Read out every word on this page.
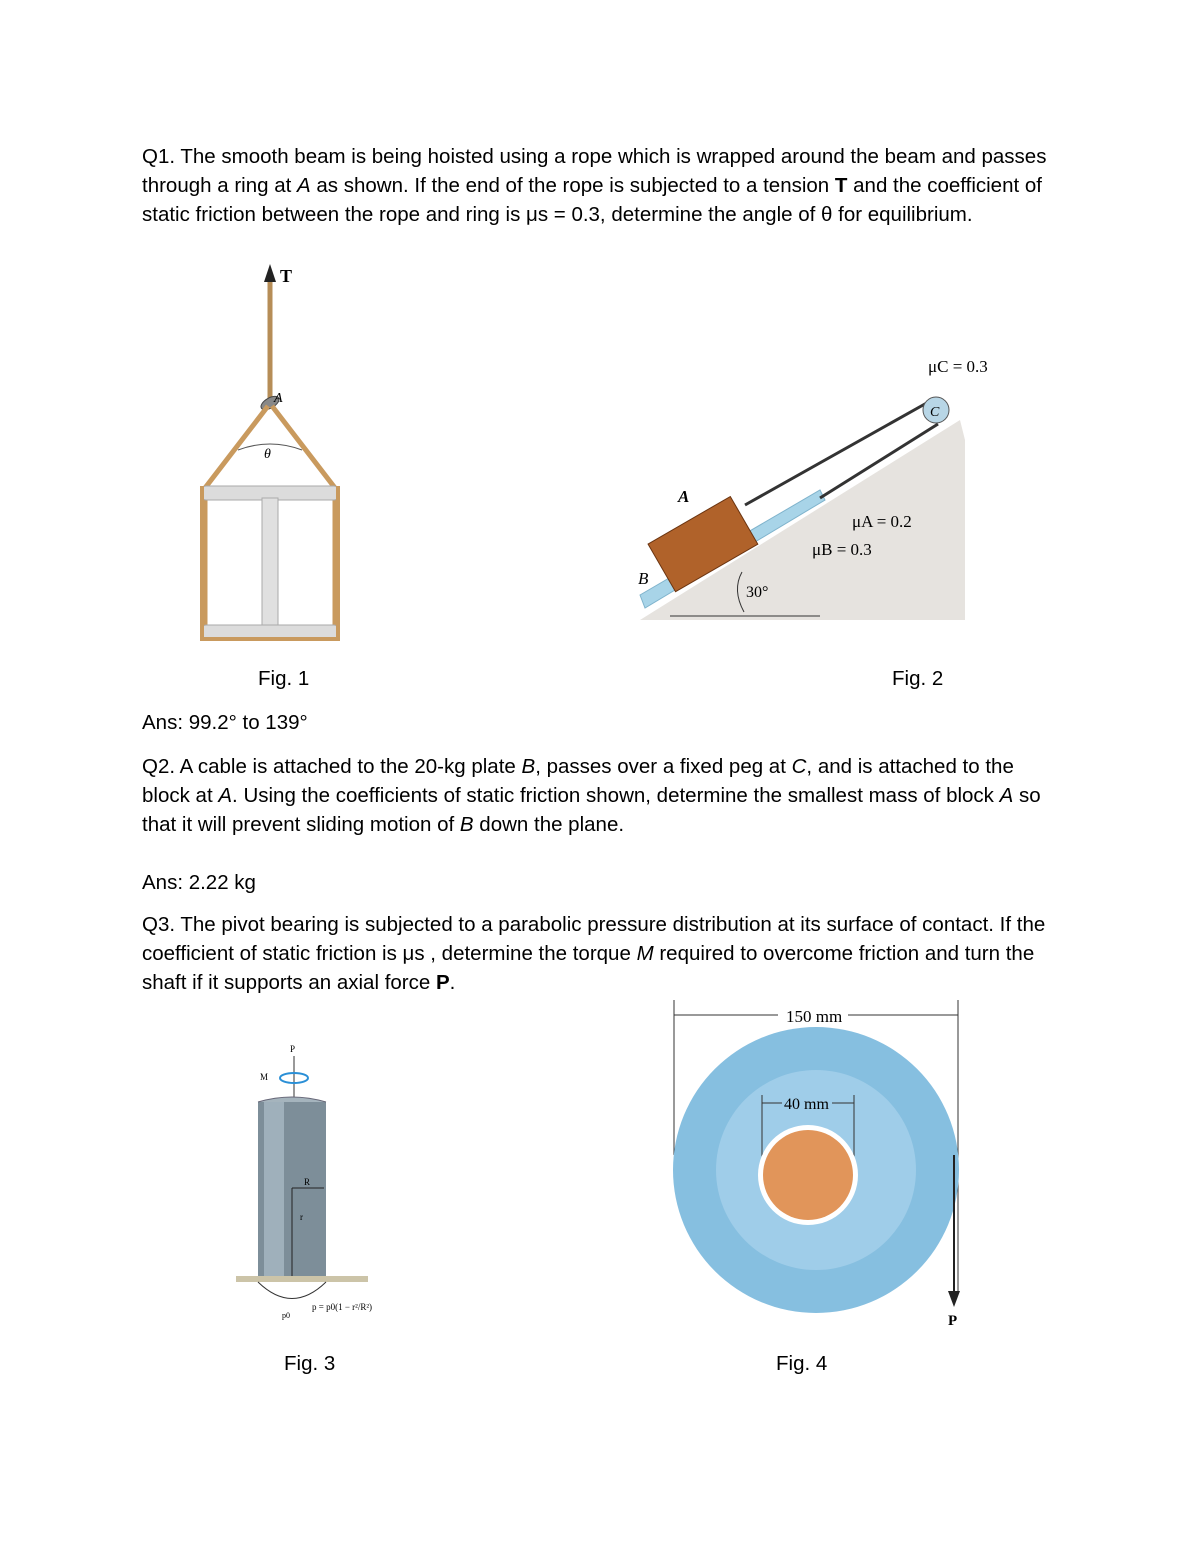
Q1. The smooth beam is being hoisted using a rope which is wrapped around the beam and passes through a ring at A as shown. If the end of the rope is subjected to a tension T and the coefficient of static friction between the rope and ring is μs = 0.3, determine the angle of θ for equilibrium.
T
A
θ
C
A
B
μC = 0.3
μA = 0.2
μB = 0.3
30°
Fig. 1	Fig. 2
Ans: 99.2° to 139°
Q2. A cable is attached to the 20-kg plate B, passes over a fixed peg at C, and is attached to the block at A. Using the coefficients of static friction shown, determine the smallest mass of block A so that it will prevent sliding motion of B down the plane.
Ans: 2.22 kg
Q3. The pivot bearing is subjected to a parabolic pressure distribution at its surface of contact. If the coefficient of static friction is μs , determine the torque M required to overcome friction and turn the shaft if it supports an axial force P.
P
M
R
r
p0
p = p0(1 − r²/R²)
150 mm
40 mm
P
Fig. 3	Fig. 4
